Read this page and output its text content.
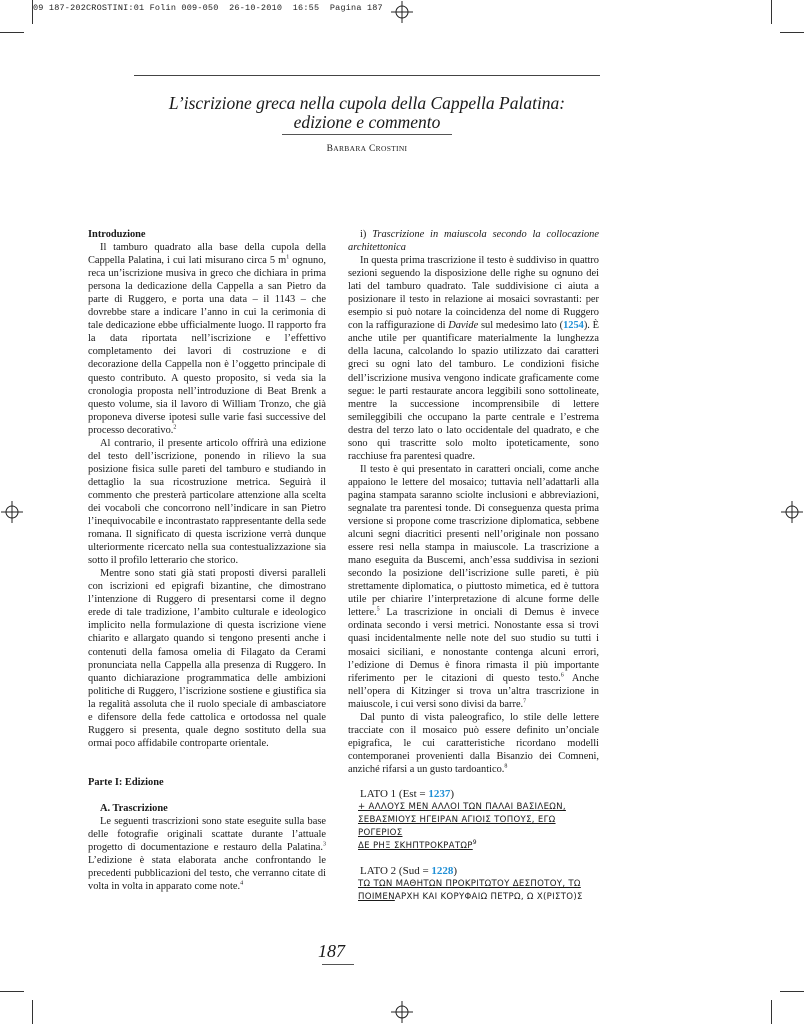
09 187-202CROSTINI:01 Folin 009-050  26-10-2010  16:55  Pagina 187
L’iscrizione greca nella cupola della Cappella Palatina:
edizione e commento
BARBARA CROSTINI

Introduzione

Il tamburo quadrato alla base della cupola della Cappella Palatina, i cui lati misurano circa 5 $m^1$ ognuno, reca un’iscrizione musiva in greco che dichiara in prima persona la dedicazione della Cappella a san Pietro da parte di Ruggero, e porta una data – il 1143 – che dovrebbe stare a indicare l’anno in cui la cerimonia di tale dedicazione ebbe ufficialmente luogo. Il rapporto fra la data riportata nell’iscrizione e l’effettivo completamento dei lavori di costruzione e di decorazione della Cappella non è l’oggetto principale di questo contributo. A questo proposito, si veda sia la cronologia proposta nell’introduzione di Beat Brenk a questo volume, sia il lavoro di William Tronzo, che già proponeva diverse ipotesi sulle varie fasi successive del processo decorativo.$^2$

Al contrario, il presente articolo offrirà una edizione del testo dell’iscrizione, ponendo in rilievo la sua posizione fisica sulle pareti del tamburo e studiando in dettaglio la sua ricostruzione metrica. Seguirà il commento che presterà particolare attenzione alla scelta dei vocaboli che concorrono nell’indicare in san Pietro l’inequivocabile e incontrastato rappresentante della sede romana. Il significato di questa iscrizione verrà dunque ulteriormente ricercato nella sua contestualizzazione sia sotto il profilo letterario che storico.

Mentre sono stati già stati proposti diversi paralleli con iscrizioni ed epigrafi bizantine, che dimostrano l’intenzione di Ruggero di presentarsi come il degno erede di tale tradizione, l’ambito culturale e ideologico implicito nella formulazione di questa iscrizione viene chiarito e allargato quando si tengono presenti anche i contenuti della famosa omelia di Filagato da Cerami pronunciata nella Cappella alla presenza di Ruggero. In quanto dichiarazione programmatica delle ambizioni politiche di Ruggero, l’iscrizione sostiene e giustifica sia la regalità assoluta che il ruolo speciale di ambasciatore e difensore della fede cattolica e ortodossa nel quale Ruggero si presenta, quale degno sostituto della sua ormai poco affidabile controparte orientale.

Parte I: Edizione

A. Trascrizione

Le seguenti trascrizioni sono state eseguite sulla base delle fotografie originali scattate durante l’attuale progetto di documentazione e restauro della Palatina.$^3$ L’edizione è stata elaborata anche confrontando le precedenti pubblicazioni del testo, che verranno citate di volta in volta in apparato come note.$^4$

i) Trascrizione in maiuscola secondo la collocazione architettonica

In questa prima trascrizione il testo è suddiviso in quattro sezioni seguendo la disposizione delle righe su ognuno dei lati del tamburo quadrato. Tale suddivisione ci aiuta a posizionare il testo in relazione ai mosaici sovrastanti: per esempio si può notare la coincidenza del nome di Ruggero con la raffigurazione di Davide sul medesimo lato (1254). È anche utile per quantificare materialmente la lunghezza della lacuna, calcolando lo spazio utilizzato dai caratteri greci su ogni lato del tamburo. Le condizioni fisiche dell’iscrizione musiva vengono indicate graficamente come segue: le parti restaurate ancora leggibili sono sottolineate, mentre la successione incomprensibile di lettere semileggibili che occupano la parte centrale e l’estrema destra del terzo lato o lato occidentale del quadrato, e che sono qui trascritte solo molto ipoteticamente, sono racchiuse fra parentesi quadre.

Il testo è qui presentato in caratteri onciali, come anche appaiono le lettere del mosaico; tuttavia nell’adattarli alla pagina stampata saranno sciolte inclusioni e abbreviazioni, segnalate tra parentesi tonde. Di conseguenza questa prima versione si propone come trascrizione diplomatica, sebbene alcuni segni diacritici presenti nell’originale non possano essere resi nella stampa in maiuscole. La trascrizione a mano eseguita da Buscemi, anch’essa suddivisa in sezioni secondo la posizione dell’iscrizione sulle pareti, è più strettamente diplomatica, o piuttosto mimetica, ed è tuttora utile per chiarire l’interpretazione di alcune forme delle lettere.$^5$ La trascrizione in onciali di Demus è invece ordinata secondo i versi metrici. Nonostante essa si trovi quasi incidentalmente nelle note del suo studio su tutti i mosaici siciliani, e nonostante contenga alcuni errori, l’edizione di Demus è finora rimasta il più importante riferimento per le citazioni di questo testo.$^6$ Anche nell’opera di Kitzinger si trova un’altra trascrizione in maiuscole, i cui versi sono divisi da barre.$^7$

Dal punto di vista paleografico, lo stile delle lettere tracciate con il mosaico può essere definito un’onciale epigrafica, le cui caratteristiche ricordano modelli contemporanei provenienti dalla Bisanzio dei Comneni, anziché rifarsi a un gusto tardoantico.$^8$

LATO 1 (Est = 1237)

+ ΑΛΛΟΥΣ ΜΕΝ ΑΛΛΟΙ ΤΩΝ ΠΑΛΑΙ ΒΑΣΙΛΕΩΝ,

ΣΕΒΑΣΜΙΟΥΣ ΗΓΕΙΡΑΝ ΑΓΙΟΙΣ ΤΟΠΟΥΣ, ΕΓΩ ΡΟΓΕΡΙΟΣ

ΔΕ ΡΗΞ ΣΚΗΠΤΡΟΚΡΑΤΩΡ$^9$

LATO 2 (Sud = 1228)

ΤΩ ΤΩΝ ΜΑΘΗΤΩΝ ΠΡΟΚΡΙΤΩΤΟΥ ΔΕΣΠΟΤΟΥ, ΤΩ

ΠΟΙΜΕΝΑΡΧΗ ΚΑΙ ΚΟΡΥΦΑΙΩ ΠΕΤΡΩ, Ω Χ(ΡΙΣΤΟ)Σ

187
